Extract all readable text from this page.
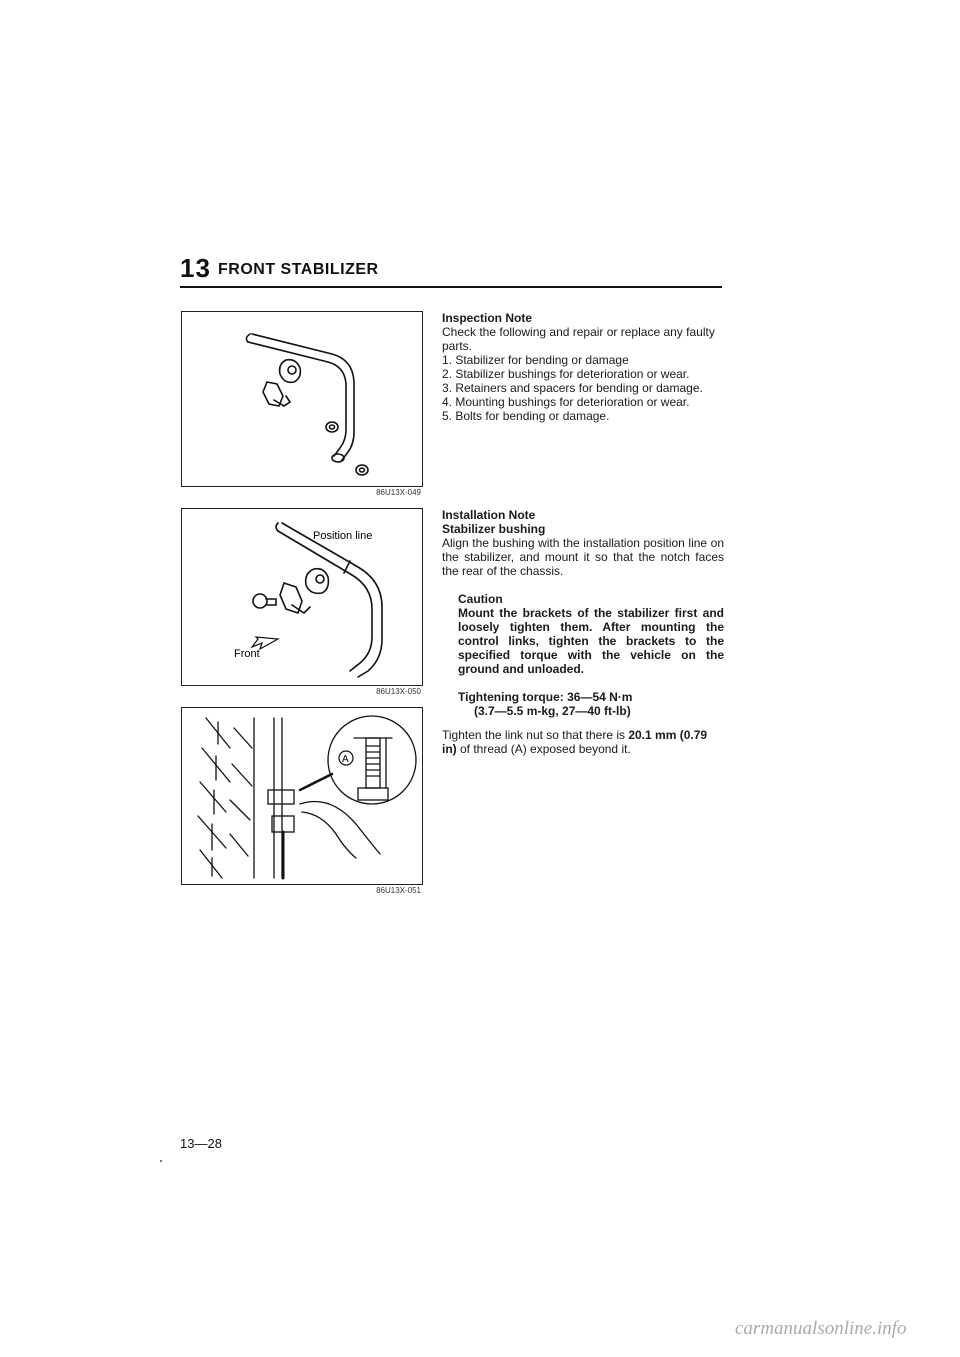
13 FRONT STABILIZER
86U13X-049
Position line
Front
86U13X-050
A
86U13X-051

Inspection Note

Check the following and repair or replace any faulty parts.

1. Stabilizer for bending or damage

2. Stabilizer bushings for deterioration or wear.

3. Retainers and spacers for bending or damage.

4. Mounting bushings for deterioration or wear.

5. Bolts for bending or damage.

Installation Note

Stabilizer bushing

Align the bushing with the installation position line on the stabilizer, and mount it so that the notch faces the rear of the chassis.

Caution

Mount the brackets of the stabilizer first and loosely tighten them. After mounting the control links, tighten the brackets to the specified torque with the vehicle on the ground and unloaded.

Tightening torque: 36—54 N·m

(3.7—5.5 m-kg, 27—40 ft-lb)

Tighten the link nut so that there is 20.1 mm (0.79 in) of thread (A) exposed beyond it.

13—28
carmanualsonline.info
